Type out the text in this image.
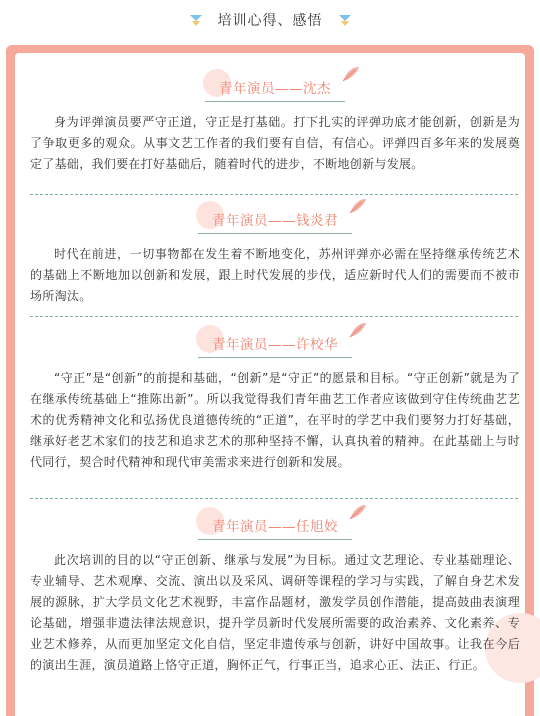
培训心得、感悟
青年演员——沈杰

身为评弹演员要严守正道，守正是打基础。打下扎实的评弹功底才能创新，创新是为了争取更多的观众。从事文艺工作者的我们要有自信，有信心。评弹四百多年来的发展奠定了基础，我们要在打好基础后，随着时代的进步，不断地创新与发展。

青年演员——钱炎君

时代在前进，一切事物都在发生着不断地变化，苏州评弹亦必需在坚持继承传统艺术的基础上不断地加以创新和发展，跟上时代发展的步伐，适应新时代人们的需要而不被市场所淘汰。

青年演员——许校华

“守正”是“创新”的前提和基础，“创新”是“守正”的愿景和目标。“守正创新”就是为了在继承传统基础上“推陈出新”。所以我觉得我们青年曲艺工作者应该做到守住传统曲艺艺术的优秀精神文化和弘扬优良道德传统的“正道”，在平时的学艺中我们要努力打好基础，继承好老艺术家们的技艺和追求艺术的那种坚持不懈，认真执着的精神。在此基础上与时代同行，契合时代精神和现代审美需求来进行创新和发展。

青年演员——任旭姣

此次培训的目的以“守正创新、继承与发展”为目标。通过文艺理论、专业基础理论、专业辅导、艺术观摩、交流、演出以及采风、调研等课程的学习与实践，了解自身艺术发展的源脉，扩大学员文化艺术视野，丰富作品题材，激发学员创作潜能，提高鼓曲表演理论基础，增强非遗法律法规意识，提升学员新时代发展所需要的政治素养、文化素养、专业艺术修养，从而更加坚定文化自信，坚定非遗传承与创新，讲好中国故事。让我在今后的演出生涯，演员道路上恪守正道，胸怀正气，行事正当，追求心正、法正、行正。
